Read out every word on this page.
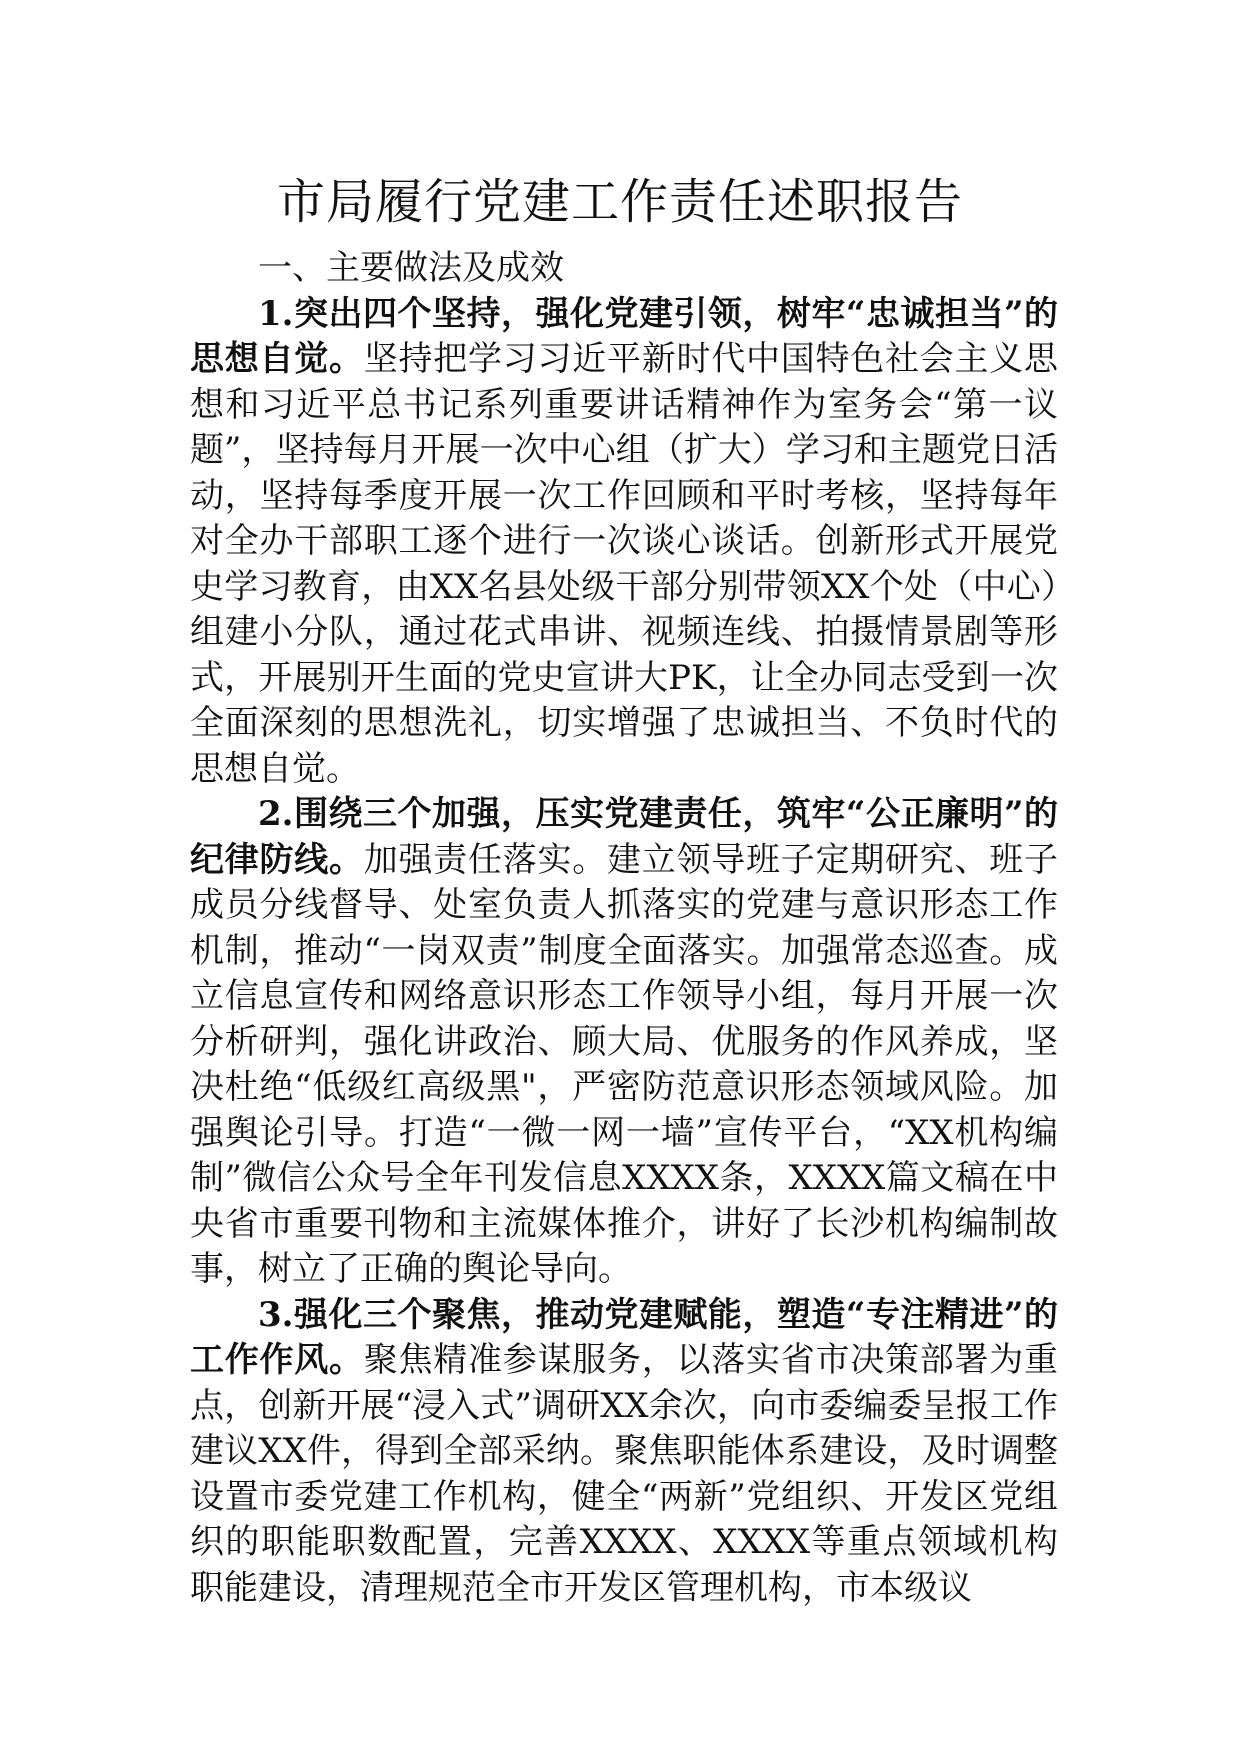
市局履行党建工作责任述职报告

一、主要做法及成效

1.突出四个坚持，强化党建引领，树牢“忠诚担当”的思想自觉。坚持把学习习近平新时代中国特色社会主义思想和习近平总书记系列重要讲话精神作为室务会“第一议题”，坚持每月开展一次中心组（扩大）学习和主题党日活动，坚持每季度开展一次工作回顾和平时考核，坚持每年对全办干部职工逐个进行一次谈心谈话。创新形式开展党史学习教育，由XX名县处级干部分别带领XX个处（中心）组建小分队，通过花式串讲、视频连线、拍摄情景剧等形式，开展别开生面的党史宣讲大PK，让全办同志受到一次全面深刻的思想洗礼，切实增强了忠诚担当、不负时代的思想自觉。

2.围绕三个加强，压实党建责任，筑牢“公正廉明”的纪律防线。加强责任落实。建立领导班子定期研究、班子成员分线督导、处室负责人抓落实的党建与意识形态工作机制，推动“一岗双责”制度全面落实。加强常态巡查。成立信息宣传和网络意识形态工作领导小组，每月开展一次分析研判，强化讲政治、顾大局、优服务的作风养成，坚决杜绝“低级红高级黑"，严密防范意识形态领域风险。加强舆论引导。打造“一微一网一墙”宣传平台，“XX机构编制”微信公众号全年刊发信息XXXX条，XXXX篇文稿在中央省市重要刊物和主流媒体推介，讲好了长沙机构编制故事，树立了正确的舆论导向。

3.强化三个聚焦，推动党建赋能，塑造“专注精进”的工作作风。聚焦精准参谋服务，以落实省市决策部署为重点，创新开展“浸入式”调研XX余次，向市委编委呈报工作建议XX件，得到全部采纳。聚焦职能体系建设，及时调整设置市委党建工作机构，健全“两新”党组织、开发区党组织的职能职数配置，完善XXXX、XXXX等重点领域机构职能建设，清理规范全市开发区管理机构，市本级议
